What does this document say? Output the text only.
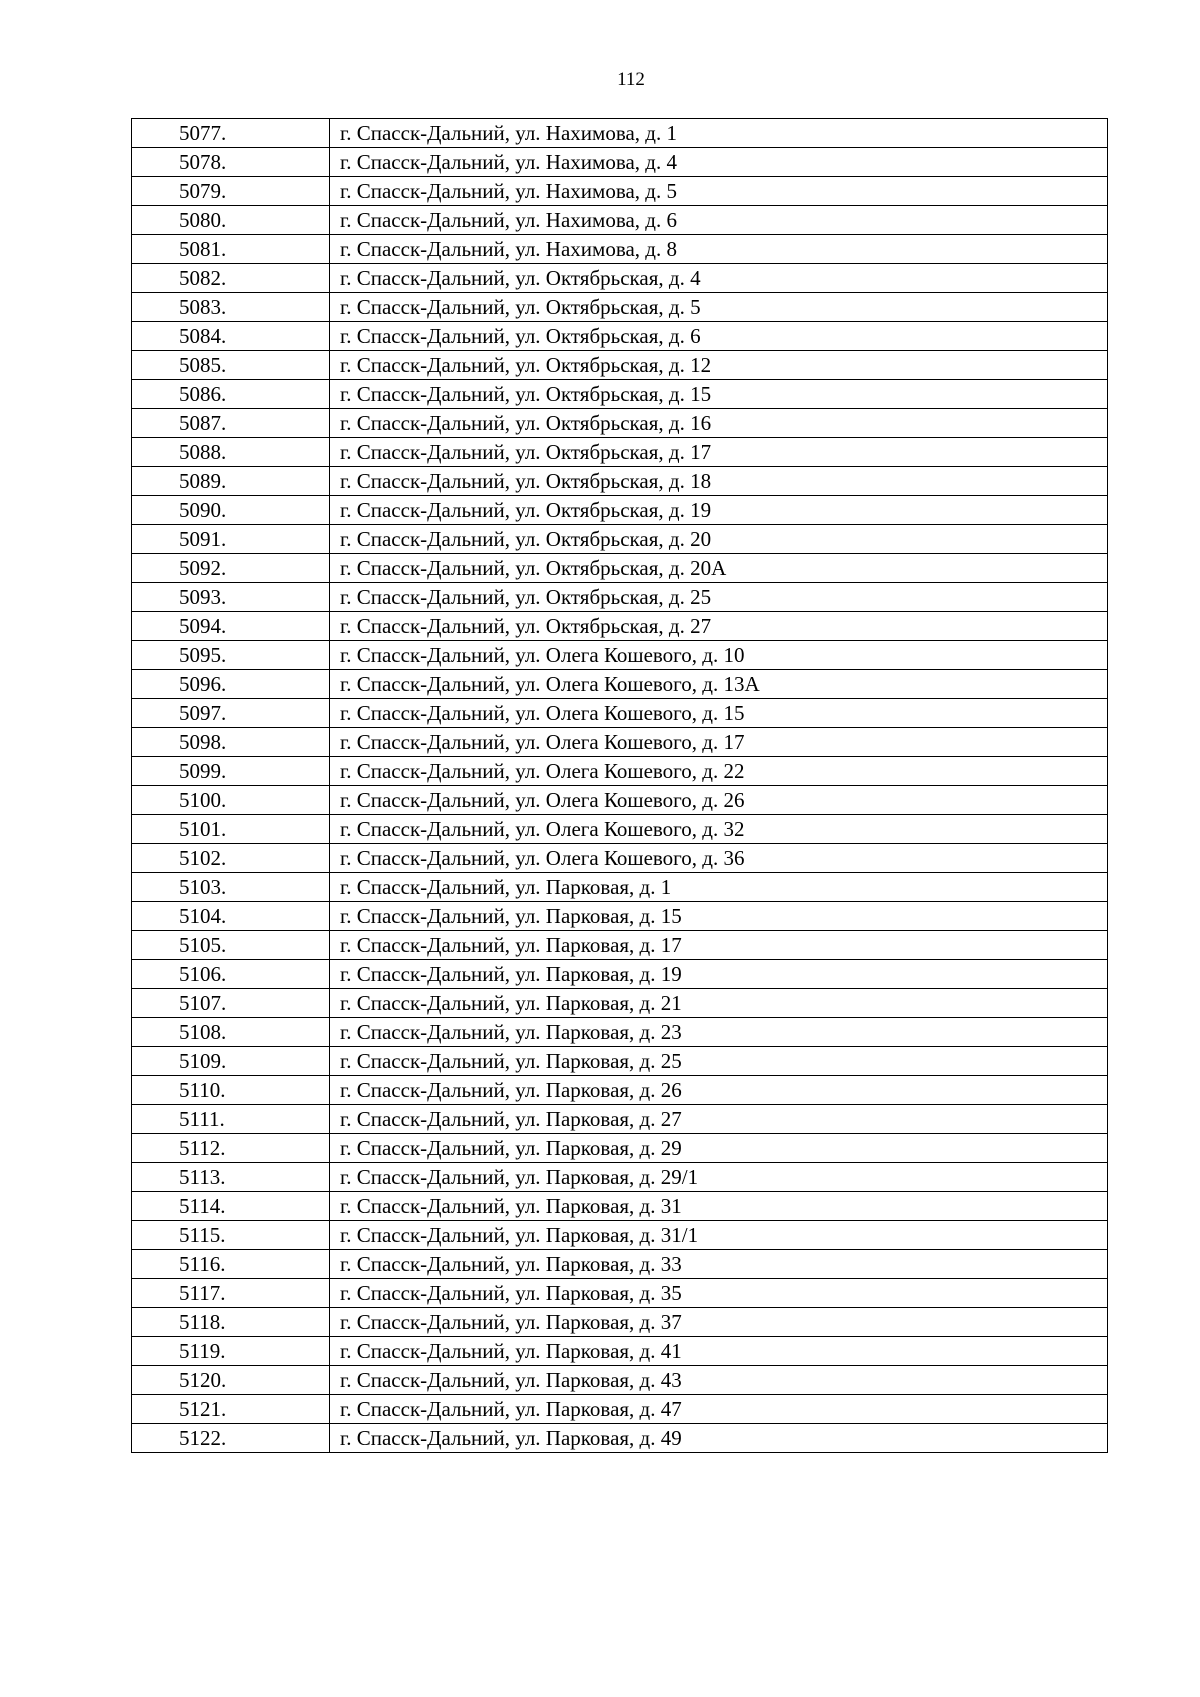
112
5077.	г. Спасск-Дальний, ул. Нахимова, д. 1
5078.	г. Спасск-Дальний, ул. Нахимова, д. 4
5079.	г. Спасск-Дальний, ул. Нахимова, д. 5
5080.	г. Спасск-Дальний, ул. Нахимова, д. 6
5081.	г. Спасск-Дальний, ул. Нахимова, д. 8
5082.	г. Спасск-Дальний, ул. Октябрьская, д. 4
5083.	г. Спасск-Дальний, ул. Октябрьская, д. 5
5084.	г. Спасск-Дальний, ул. Октябрьская, д. 6
5085.	г. Спасск-Дальний, ул. Октябрьская, д. 12
5086.	г. Спасск-Дальний, ул. Октябрьская, д. 15
5087.	г. Спасск-Дальний, ул. Октябрьская, д. 16
5088.	г. Спасск-Дальний, ул. Октябрьская, д. 17
5089.	г. Спасск-Дальний, ул. Октябрьская, д. 18
5090.	г. Спасск-Дальний, ул. Октябрьская, д. 19
5091.	г. Спасск-Дальний, ул. Октябрьская, д. 20
5092.	г. Спасск-Дальний, ул. Октябрьская, д. 20А
5093.	г. Спасск-Дальний, ул. Октябрьская, д. 25
5094.	г. Спасск-Дальний, ул. Октябрьская, д. 27
5095.	г. Спасск-Дальний, ул. Олега Кошевого, д. 10
5096.	г. Спасск-Дальний, ул. Олега Кошевого, д. 13А
5097.	г. Спасск-Дальний, ул. Олега Кошевого, д. 15
5098.	г. Спасск-Дальний, ул. Олега Кошевого, д. 17
5099.	г. Спасск-Дальний, ул. Олега Кошевого, д. 22
5100.	г. Спасск-Дальний, ул. Олега Кошевого, д. 26
5101.	г. Спасск-Дальний, ул. Олега Кошевого, д. 32
5102.	г. Спасск-Дальний, ул. Олега Кошевого, д. 36
5103.	г. Спасск-Дальний, ул. Парковая, д. 1
5104.	г. Спасск-Дальний, ул. Парковая, д. 15
5105.	г. Спасск-Дальний, ул. Парковая, д. 17
5106.	г. Спасск-Дальний, ул. Парковая, д. 19
5107.	г. Спасск-Дальний, ул. Парковая, д. 21
5108.	г. Спасск-Дальний, ул. Парковая, д. 23
5109.	г. Спасск-Дальний, ул. Парковая, д. 25
5110.	г. Спасск-Дальний, ул. Парковая, д. 26
5111.	г. Спасск-Дальний, ул. Парковая, д. 27
5112.	г. Спасск-Дальний, ул. Парковая, д. 29
5113.	г. Спасск-Дальний, ул. Парковая, д. 29/1
5114.	г. Спасск-Дальний, ул. Парковая, д. 31
5115.	г. Спасск-Дальний, ул. Парковая, д. 31/1
5116.	г. Спасск-Дальний, ул. Парковая, д. 33
5117.	г. Спасск-Дальний, ул. Парковая, д. 35
5118.	г. Спасск-Дальний, ул. Парковая, д. 37
5119.	г. Спасск-Дальний, ул. Парковая, д. 41
5120.	г. Спасск-Дальний, ул. Парковая, д. 43
5121.	г. Спасск-Дальний, ул. Парковая, д. 47
5122.	г. Спасск-Дальний, ул. Парковая, д. 49
